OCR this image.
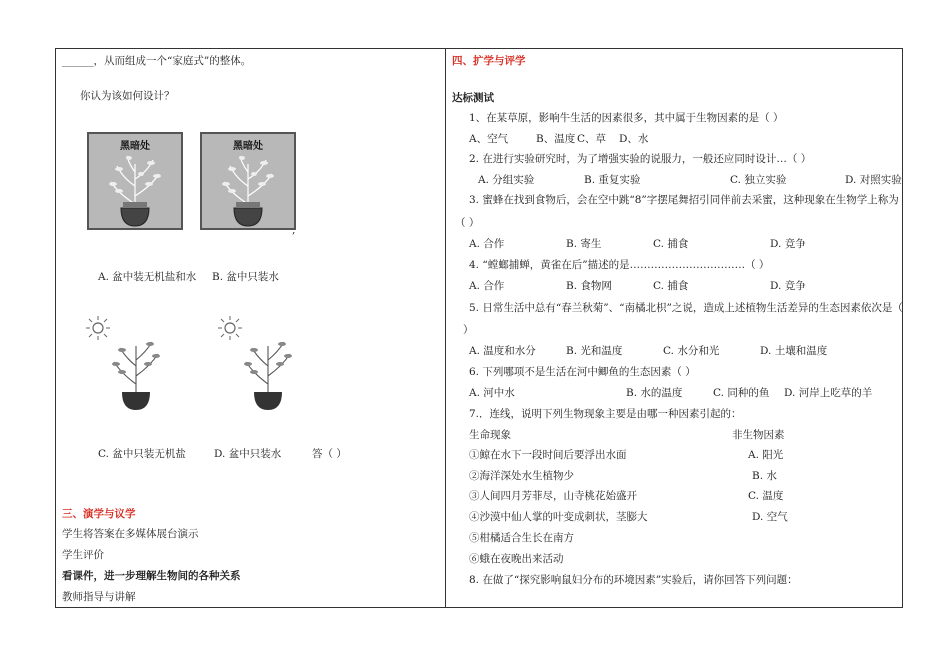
______，从而组成一个“家庭式”的整体。
你认为该如何设计？
黑暗处	黑暗处
,
A. 盆中装无机盐和水 B. 盆中只装水
C. 盆中只装无机盐	D. 盆中只装水	答（ ）
三、演学与议学
学生将答案在多媒体展台演示
学生评价
看课件，进一步理解生物间的各种关系
教师指导与讲解
四、扩学与评学
达标测试
1、在某草原，影响牛生活的因素很多，其中属于生物因素的是（ ）
A、空气	B、温度 C、草 D、水
2. 在进行实验研究时，为了增强实验的说服力，一般还应同时设计…（ ）
A. 分组实验	B. 重复实验	C. 独立实验	D. 对照实验
3. 蜜蜂在找到食物后，会在空中跳“8”字摆尾舞招引同伴前去采蜜，这种现象在生物学上称为
（ ）
A. 合作	B. 寄生	C. 捕食	D. 竞争
4. “螳螂捕蝉，黄雀在后”描述的是……………………………（ ）
A. 合作	B. 食物网	C. 捕食	D. 竞争
5. 日常生活中总有“春兰秋菊”、“南橘北枳”之说，造成上述植物生活差异的生态因素依次是（
）
A. 温度和水分	B. 光和温度	C. 水分和光	D. 土壤和温度
6. 下列哪项不是生活在河中鲫鱼的生态因素（ ）
A. 河中水	B. 水的温度	C. 同种的鱼 D. 河岸上吃草的羊
7.．连线，说明下列生物现象主要是由哪一种因素引起的：
生命现象	非生物因素
①鲸在水下一段时间后要浮出水面	A. 阳光
②海洋深处水生植物少	B. 水
③人间四月芳菲尽，山寺桃花始盛开	C. 温度
④沙漠中仙人掌的叶变成刺状，茎膨大	D. 空气
⑤柑橘适合生长在南方
⑥蛾在夜晚出来活动
8. 在做了“探究影响鼠妇分布的环境因素”实验后，请你回答下列问题：
